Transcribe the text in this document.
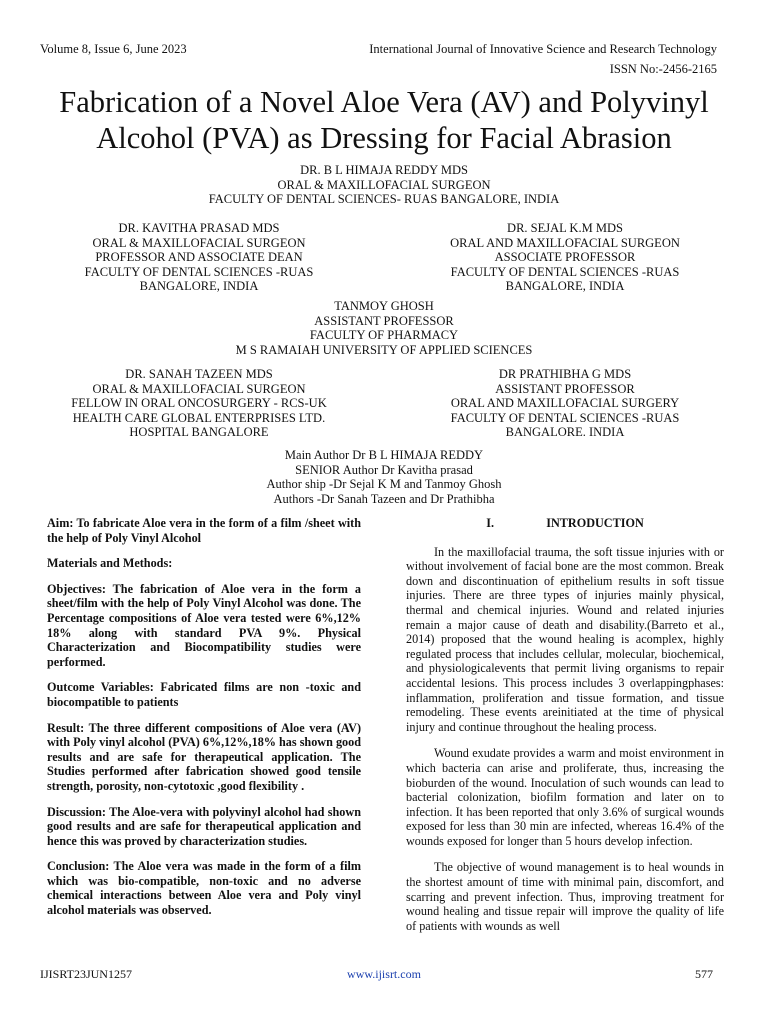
Volume 8, Issue 6, June 2023	International Journal of Innovative Science and Research Technology
ISSN No:-2456-2165
Fabrication of a Novel Aloe Vera (AV) and Polyvinyl
Alcohol (PVA) as Dressing for Facial Abrasion
DR. B L HIMAJA REDDY MDS
ORAL & MAXILLOFACIAL SURGEON
FACULTY OF DENTAL SCIENCES- RUAS BANGALORE, INDIA
DR. KAVITHA PRASAD MDS
ORAL & MAXILLOFACIAL SURGEON
PROFESSOR AND ASSOCIATE DEAN
FACULTY OF DENTAL SCIENCES -RUAS
BANGALORE, INDIA
DR. SEJAL K.M MDS
ORAL AND MAXILLOFACIAL SURGEON
ASSOCIATE PROFESSOR
FACULTY OF DENTAL SCIENCES -RUAS
BANGALORE, INDIA
TANMOY GHOSH
ASSISTANT PROFESSOR
FACULTY OF PHARMACY
M S RAMAIAH UNIVERSITY OF APPLIED SCIENCES
DR. SANAH TAZEEN MDS
ORAL & MAXILLOFACIAL SURGEON
FELLOW IN ORAL ONCOSURGERY - RCS-UK
HEALTH CARE GLOBAL ENTERPRISES LTD.
HOSPITAL BANGALORE
DR PRATHIBHA G MDS
ASSISTANT PROFESSOR
ORAL AND MAXILLOFACIAL SURGERY
FACULTY OF DENTAL SCIENCES -RUAS
BANGALORE. INDIA
Main Author Dr B L HIMAJA REDDY
SENIOR Author Dr Kavitha prasad
Author ship -Dr Sejal K M and Tanmoy Ghosh
Authors -Dr Sanah Tazeen and Dr Prathibha

Aim: To fabricate Aloe vera in the form of a film /sheet with the help of Poly Vinyl Alcohol

Materials and Methods:

Objectives: The fabrication of Aloe vera in the form a sheet/film with the help of Poly Vinyl Alcohol was done. The Percentage compositions of Aloe vera tested were 6%,12% 18% along with standard PVA 9%. Physical Characterization and Biocompatibility studies were performed.

Outcome Variables: Fabricated films are non -toxic and biocompatible to patients

Result: The three different compositions of Aloe vera (AV) with Poly vinyl alcohol (PVA) 6%,12%,18% has shown good results and are safe for therapeutical application. The Studies performed after fabrication showed good tensile strength, porosity, non-cytotoxic ,good flexibility .

Discussion: The Aloe-vera with polyvinyl alcohol had shown good results and are safe for therapeutical application and hence this was proved by characterization studies.

Conclusion: The Aloe vera was made in the form of a film which was bio-compatible, non-toxic and no adverse chemical interactions between Aloe vera and Poly vinyl alcohol materials was observed.

I.	INTRODUCTION

In the maxillofacial trauma, the soft tissue injuries with or without involvement of facial bone are the most common. Break down and discontinuation of epithelium results in soft tissue injuries. There are three types of injuries mainly physical, thermal and chemical injuries. Wound and related injuries remain a major cause of death and disability.(Barreto et al., 2014) proposed that the wound healing is acomplex, highly regulated process that includes cellular, molecular, biochemical, and physiologicalevents that permit living organisms to repair accidental lesions. This process includes 3 overlappingphases: inflammation, proliferation and tissue formation, and tissue remodeling. These events areinitiated at the time of physical injury and continue throughout the healing process.

Wound exudate provides a warm and moist environment in which bacteria can arise and proliferate, thus, increasing the bioburden of the wound. Inoculation of such wounds can lead to bacterial colonization, biofilm formation and later on to infection. It has been reported that only 3.6% of surgical wounds exposed for less than 30 min are infected, whereas 16.4% of the wounds exposed for longer than 5 hours develop infection.

The objective of wound management is to heal wounds in the shortest amount of time with minimal pain, discomfort, and scarring and prevent infection. Thus, improving treatment for wound healing and tissue repair will improve the quality of life of patients with wounds as well

IJISRT23JUN1257	www.ijisrt.com	577
